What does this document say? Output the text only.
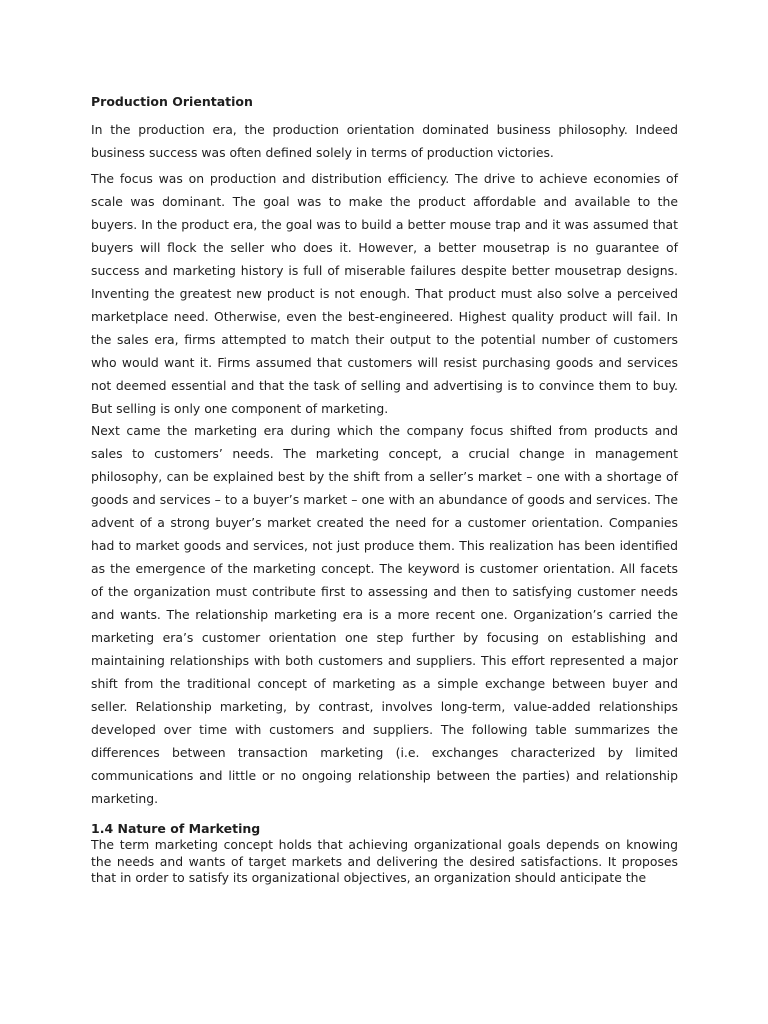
Production Orientation

In the production era, the production orientation dominated business philosophy. Indeed business success was often defined solely in terms of production victories.

The focus was on production and distribution efficiency. The drive to achieve economies of scale was dominant. The goal was to make the product affordable and available to the buyers. In the product era, the goal was to build a better mouse trap and it was assumed that buyers will flock the seller who does it. However, a better mousetrap is no guarantee of success and marketing history is full of miserable failures despite better mousetrap designs. Inventing the greatest new product is not enough. That product must also solve a perceived marketplace need. Otherwise, even the best-engineered. Highest quality product will fail. In the sales era, firms attempted to match their output to the potential number of customers who would want it. Firms assumed that customers will resist purchasing goods and services not deemed essential and that the task of selling and advertising is to convince them to buy. But selling is only one component of marketing.

Next came the marketing era during which the company focus shifted from products and sales to customers’ needs. The marketing concept, a crucial change in management philosophy, can be explained best by the shift from a seller’s market – one with a shortage of goods and services – to a buyer’s market – one with an abundance of goods and services. The advent of a strong buyer’s market created the need for a customer orientation. Companies had to market goods and services, not just produce them. This realization has been identified as the emergence of the marketing concept. The keyword is customer orientation. All facets of the organization must contribute first to assessing and then to satisfying customer needs and wants. The relationship marketing era is a more recent one. Organization’s carried the marketing era’s customer orientation one step further by focusing on establishing and maintaining relationships with both customers and suppliers. This effort represented a major shift from the traditional concept of marketing as a simple exchange between buyer and seller. Relationship marketing, by contrast, involves long-term, value-added relationships developed over time with customers and suppliers. The following table summarizes the differences between transaction marketing (i.e. exchanges characterized by limited communications and little or no ongoing relationship between the parties) and relationship marketing.

1.4 Nature of Marketing

The term marketing concept holds that achieving organizational goals depends on knowing the needs and wants of target markets and delivering the desired satisfactions. It proposes that in order to satisfy its organizational objectives, an organization should anticipate the
